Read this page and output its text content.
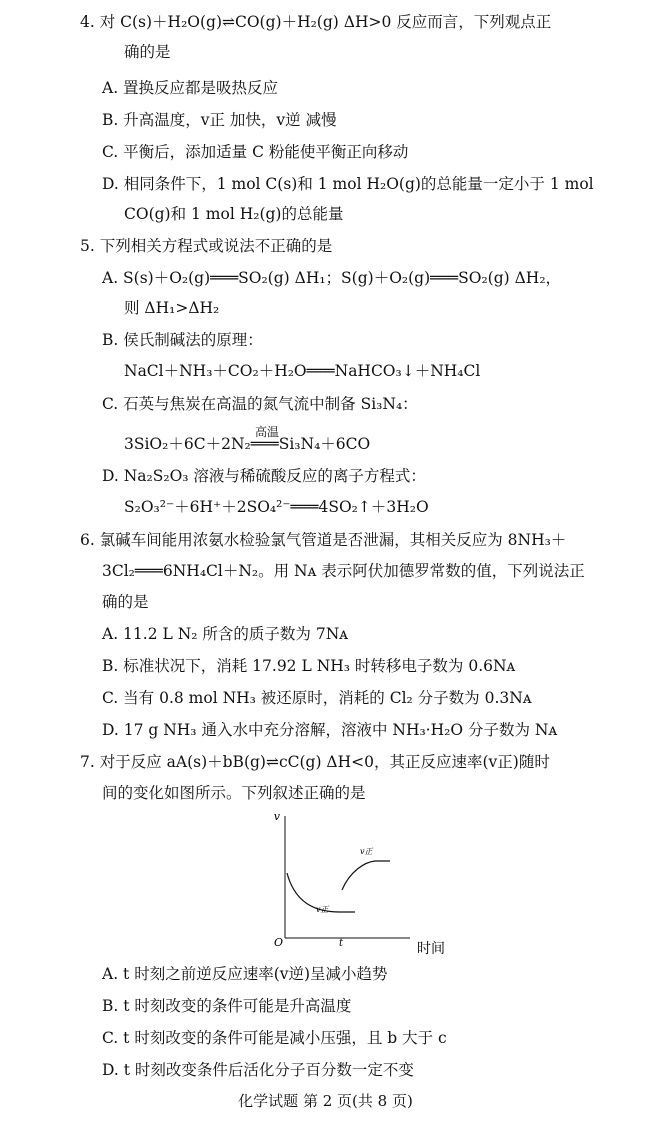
4. 对 C(s)＋H₂O(g)⇌CO(g)＋H₂(g) ΔH>0 反应而言，下列观点正
确的是
A. 置换反应都是吸热反应
B. 升高温度，v正 加快，v逆 减慢
C. 平衡后，添加适量 C 粉能使平衡正向移动
D. 相同条件下，1 mol C(s)和 1 mol H₂O(g)的总能量一定小于 1 mol
CO(g)和 1 mol H₂(g)的总能量
5. 下列相关方程式或说法不正确的是
A. S(s)＋O₂(g)═══SO₂(g) ΔH₁；S(g)＋O₂(g)═══SO₂(g) ΔH₂，
则 ΔH₁>ΔH₂
B. 侯氏制碱法的原理：
NaCl＋NH₃＋CO₂＋H₂O═══NaHCO₃↓＋NH₄Cl
C. 石英与焦炭在高温的氮气流中制备 Si₃N₄：
高温
3SiO₂＋6C＋2N₂═══Si₃N₄＋6CO
D. Na₂S₂O₃ 溶液与稀硫酸反应的离子方程式：
S₂O₃²⁻＋6H⁺＋2SO₄²⁻═══4SO₂↑＋3H₂O
6. 氯碱车间能用浓氨水检验氯气管道是否泄漏，其相关反应为 8NH₃＋
3Cl₂═══6NH₄Cl＋N₂。用 Nᴀ 表示阿伏加德罗常数的值，下列说法正
确的是
A. 11.2 L N₂ 所含的质子数为 7Nᴀ
B. 标准状况下，消耗 17.92 L NH₃ 时转移电子数为 0.6Nᴀ
C. 当有 0.8 mol NH₃ 被还原时，消耗的 Cl₂ 分子数为 0.3Nᴀ
D. 17 g NH₃ 通入水中充分溶解，溶液中 NH₃·H₂O 分子数为 Nᴀ
7. 对于反应 aA(s)＋bB(g)⇌cC(g) ΔH<0，其正反应速率(v正)随时
间的变化如图所示。下列叙述正确的是
v
O	时间
t
v正
v正
A. t 时刻之前逆反应速率(v逆)呈减小趋势
B. t 时刻改变的条件可能是升高温度
C. t 时刻改变的条件可能是减小压强，且 b 大于 c
D. t 时刻改变条件后活化分子百分数一定不变
化学试题 第 2 页(共 8 页)
